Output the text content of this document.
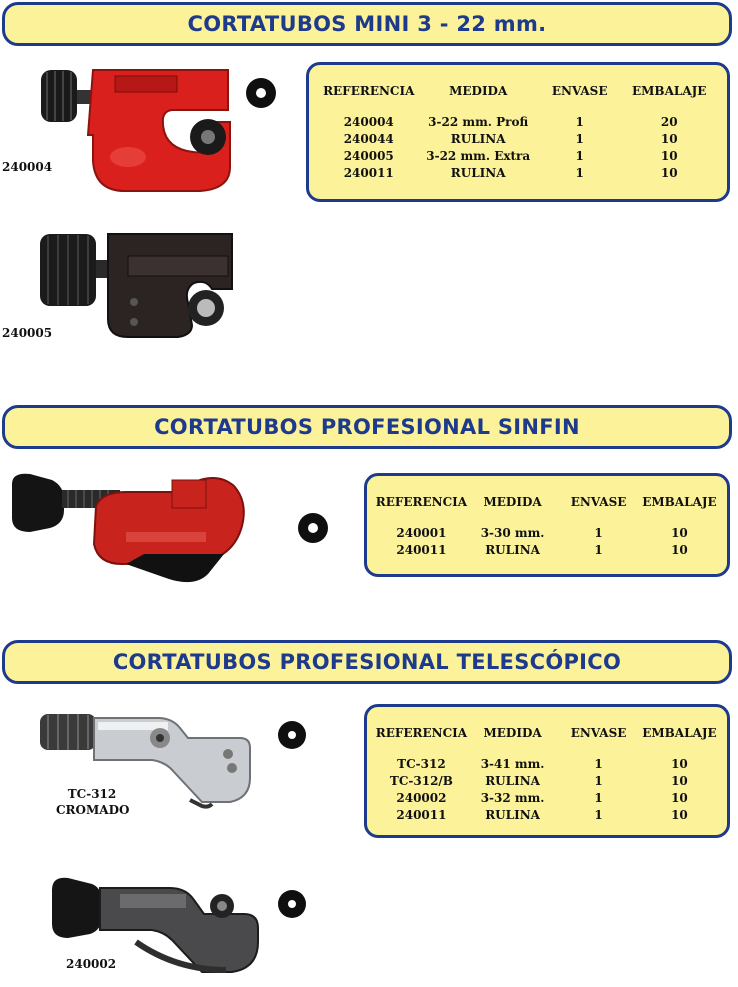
CORTATUBOS MINI 3 - 22 mm.
240004
REFERENCIA	MEDIDA	ENVASE	EMBALAJE

240004	3-22 mm. Profi	1	20
240044	RULINA	1	10
240005	3-22 mm. Extra	1	10
240011	RULINA	1	10
240005
CORTATUBOS PROFESIONAL SINFIN
REFERENCIA	MEDIDA	ENVASE	EMBALAJE

240001	3-30 mm.	1	10
240011	RULINA	1	10
CORTATUBOS PROFESIONAL TELESCÓPICO
TC-312
CROMADO
REFERENCIA	MEDIDA	ENVASE	EMBALAJE

TC-312	3-41 mm.	1	10
TC-312/B	RULINA	1	10
240002	3-32 mm.	1	10
240011	RULINA	1	10
240002
